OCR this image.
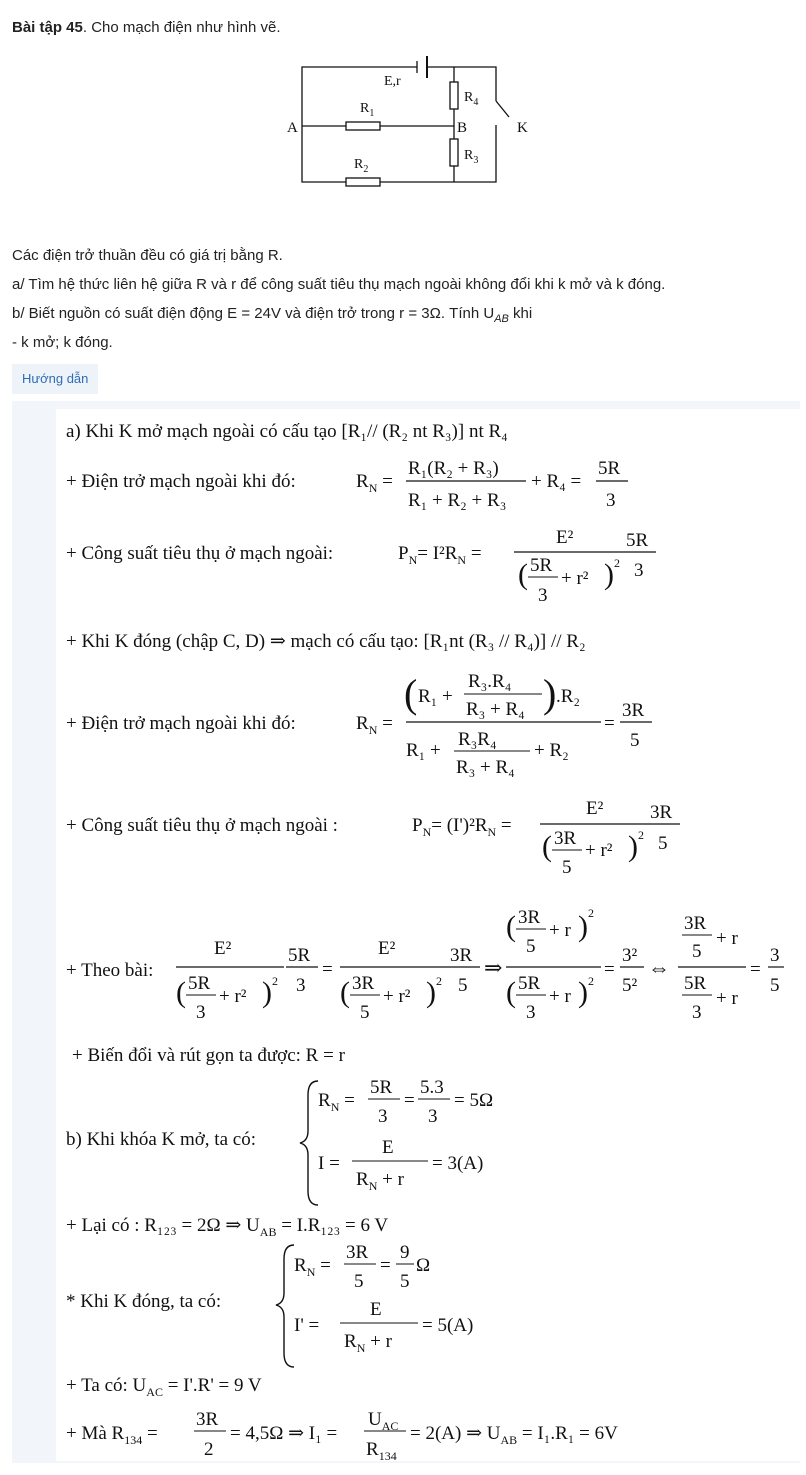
Bài tập 45. Cho mạch điện như hình vẽ.
E,r
$R_1$
$R_2$
$R_3$
$R_4$
A	B	K
Các điện trở thuần đều có giá trị bằng R.
a/ Tìm hệ thức liên hệ giữa R và r để công suất tiêu thụ mạch ngoài không đổi khi k mở và k đóng.
b/ Biết nguồn có suất điện động E = 24V và điện trở trong r = 3Ω. Tính $U_{AB}$ khi
- k mở; k đóng.
Hướng dẫn
a) Khi K mở mạch ngoài có cấu tạo [R₁// (R₂ nt R₃)] nt R₄
+ Điện trở mạch ngoài khi đó:	$R_N$ =
R₁(R₂ + R₃)
R₁ + R₂ + R₃
+ R₄ =
5R
3
+ Công suất tiêu thụ ở mạch ngoài:	$P_N= I^2R_N$ =
E²
( 5R
3
+ r² ) 2
5R
3
+ Khi K đóng (chập C, D) ⇒ mạch có cấu tạo: [R₁nt (R₃ // R₄)] // R₂
+ Điện trở mạch ngoài khi đó:	$R_N$ =
( R₁ +
R₃.R₄
R₃ + R₄ ) .R₂
R₁ +
R₃R₄
R₃ + R₄
+ R₂
=
3R
5
+ Công suất tiêu thụ ở mạch ngoài :	$P_N= (I')^2R_N$ =
E²
( 3R
5
+ r² ) 2
3R
5
+ Theo bài:
E²
( 5R
3
+ r² ) 2
5R
3
=
E²
( 3R
5
+ r² ) 2
3R
5
⇒
( 3R
5
+ r ) 2
( 5R
3
+ r ) 2
=
3²
5²
⇔
3R
5
+ r
5R
3
+ r
=
3
5
+ Biến đổi và rút gọn ta được: R = r
b) Khi khóa K mở, ta có:
$R_N$ =
5R
3
=
5.3
3
= 5Ω
I =
E
$R_N + r$
= 3(A)
+ Lại có : R₁₂₃ = 2Ω ⇒ $U_{AB} = I.R_{123} = 6$ V
* Khi K đóng, ta có:
$R_N$ =
3R
5
=
9
5
Ω
I' =
E
$R_N + r$
= 5(A)
+ Ta có: $U_{AC} = I'.R' = 9$ V
+ Mà $R_{134}$ =
3R
2
= 4,5Ω ⇒ I₁ =
$U_{AC}$
$R_{134}$
= 2(A) ⇒ $U_{AB} = I_1.R_1 = 6V$
